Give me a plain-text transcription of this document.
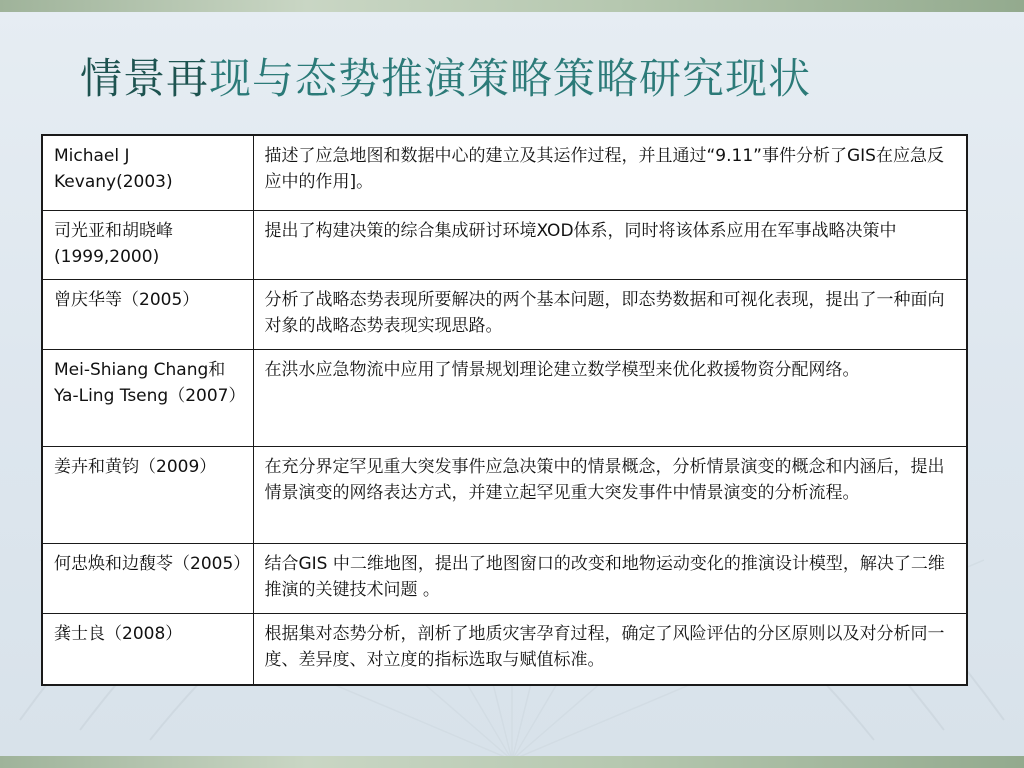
情景再现与态势推演策略策略研究现状
Michael J Kevany(2003)	描述了应急地图和数据中心的建立及其运作过程，并且通过“9.11”事件分析了GIS在应急反应中的作用]。
司光亚和胡晓峰(1999,2000)	提出了构建决策的综合集成研讨环境XOD体系，同时将该体系应用在军事战略决策中
曾庆华等（2005）	分析了战略态势表现所要解决的两个基本问题，即态势数据和可视化表现，提出了一种面向对象的战略态势表现实现思路。
Mei-Shiang Chang和 Ya-Ling Tseng（2007）	在洪水应急物流中应用了情景规划理论建立数学模型来优化救援物资分配网络。
姜卉和黄钧（2009）	在充分界定罕见重大突发事件应急决策中的情景概念，分析情景演变的概念和内涵后，提出情景演变的网络表达方式，并建立起罕见重大突发事件中情景演变的分析流程。
何忠焕和边馥苓（2005）	结合GIS 中二维地图，提出了地图窗口的改变和地物运动变化的推演设计模型，解决了二维推演的关键技术问题 。
龚士良（2008）	根据集对态势分析，剖析了地质灾害孕育过程，确定了风险评估的分区原则以及对分析同一度、差异度、对立度的指标选取与赋值标准。
